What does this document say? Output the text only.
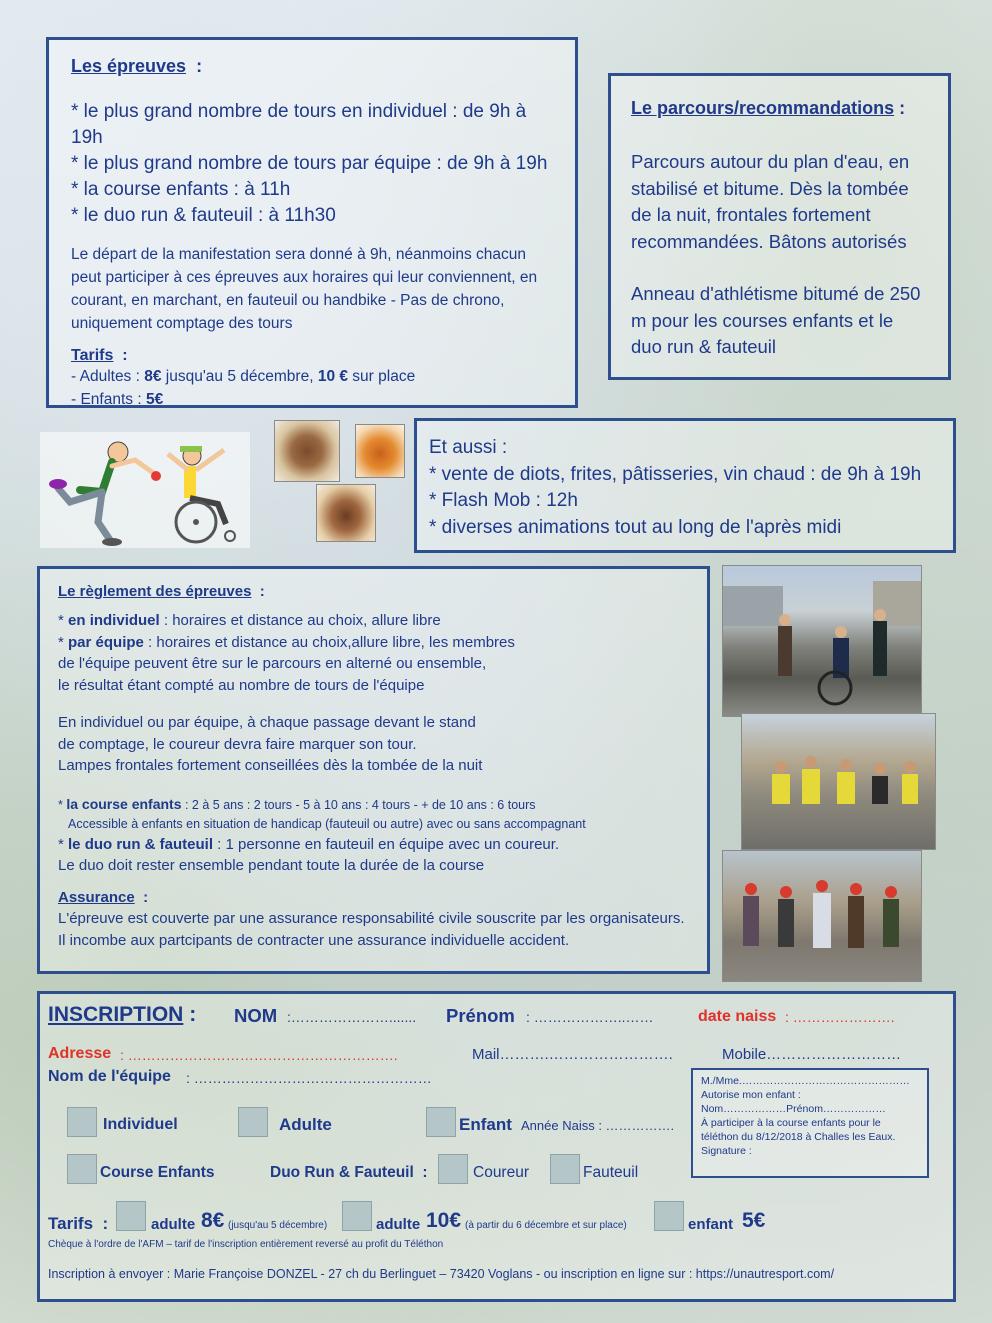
Les épreuves :
* le plus grand nombre de tours en individuel : de 9h à 19h
* le plus grand nombre de tours par équipe : de 9h à 19h
* la course enfants : à 11h
* le duo run & fauteuil : à 11h30
Le départ de la manifestation sera donné à 9h, néanmoins chacun peut participer à ces épreuves aux horaires qui leur conviennent, en courant, en marchant, en fauteuil ou handbike - Pas de chrono, uniquement comptage des tours
Tarifs :
- Adultes : 8€ jusqu'au 5 décembre, 10 € sur place
- Enfants : 5€
Le parcours/recommandations :
Parcours autour du plan d'eau, en stabilisé et bitume. Dès la tombée de la nuit, frontales fortement recommandées. Bâtons autorisés
Anneau d'athlétisme bitumé de 250 m pour les courses enfants et le duo run & fauteuil
Et aussi :
* vente de diots, frites, pâtisseries, vin chaud : de 9h à 19h
* Flash Mob : 12h
* diverses animations tout au long de l'après midi
Le règlement des épreuves :
* en individuel : horaires et distance au choix, allure libre
* par équipe : horaires et distance au choix,allure libre, les membres
de l'équipe peuvent être sur le parcours en alterné ou ensemble,
le résultat étant compté au nombre de tours de l'équipe
En individuel ou par équipe, à chaque passage devant le stand
de comptage, le coureur devra faire marquer son tour.
Lampes frontales fortement conseillées dès la tombée de la nuit
* la course enfants : 2 à 5 ans : 2 tours - 5 à 10 ans : 4 tours - + de 10 ans : 6 tours
Accessible à enfants en situation de handicap (fauteuil ou autre) avec ou sans accompagnant
* le duo run & fauteuil : 1 personne en fauteuil en équipe avec un coureur.
Le duo doit rester ensemble pendant toute la durée de la course
Assurance :
L'épreuve est couverte par une assurance responsabilité civile souscrite par les organisateurs.
Il incombe aux partcipants de contracter une assurance individuelle accident.
INSCRIPTION : NOM :…………………....... Prénom : ………………..……	date naiss : ………………….
Adresse : ………………………………………………….	Mail……….…………………….	Mobile………………………
Nom de l'équipe : ……………………………………………	M./Mme.…………………………………………
Autorise mon enfant :
Nom………………Prénom………………
À participer à la course enfants pour le
téléthon du 8/12/2018 à Challes les Eaux.
Signature :
Individuel	Adulte	Enfant Année Naiss : …………….
Course Enfants	Duo Run & Fauteuil :	Coureur	Fauteuil
Tarifs :	adulte 8€ (jusqu'au 5 décembre)	adulte 10€ (à partir du 6 décembre et sur place)	enfant 5€
Chèque à l'ordre de l'AFM – tarif de l'inscription entièrement reversé au profit du Téléthon
Inscription à envoyer : Marie Françoise DONZEL - 27 ch du Berlinguet – 73420 Voglans - ou inscription en ligne sur : https://unautresport.com/
